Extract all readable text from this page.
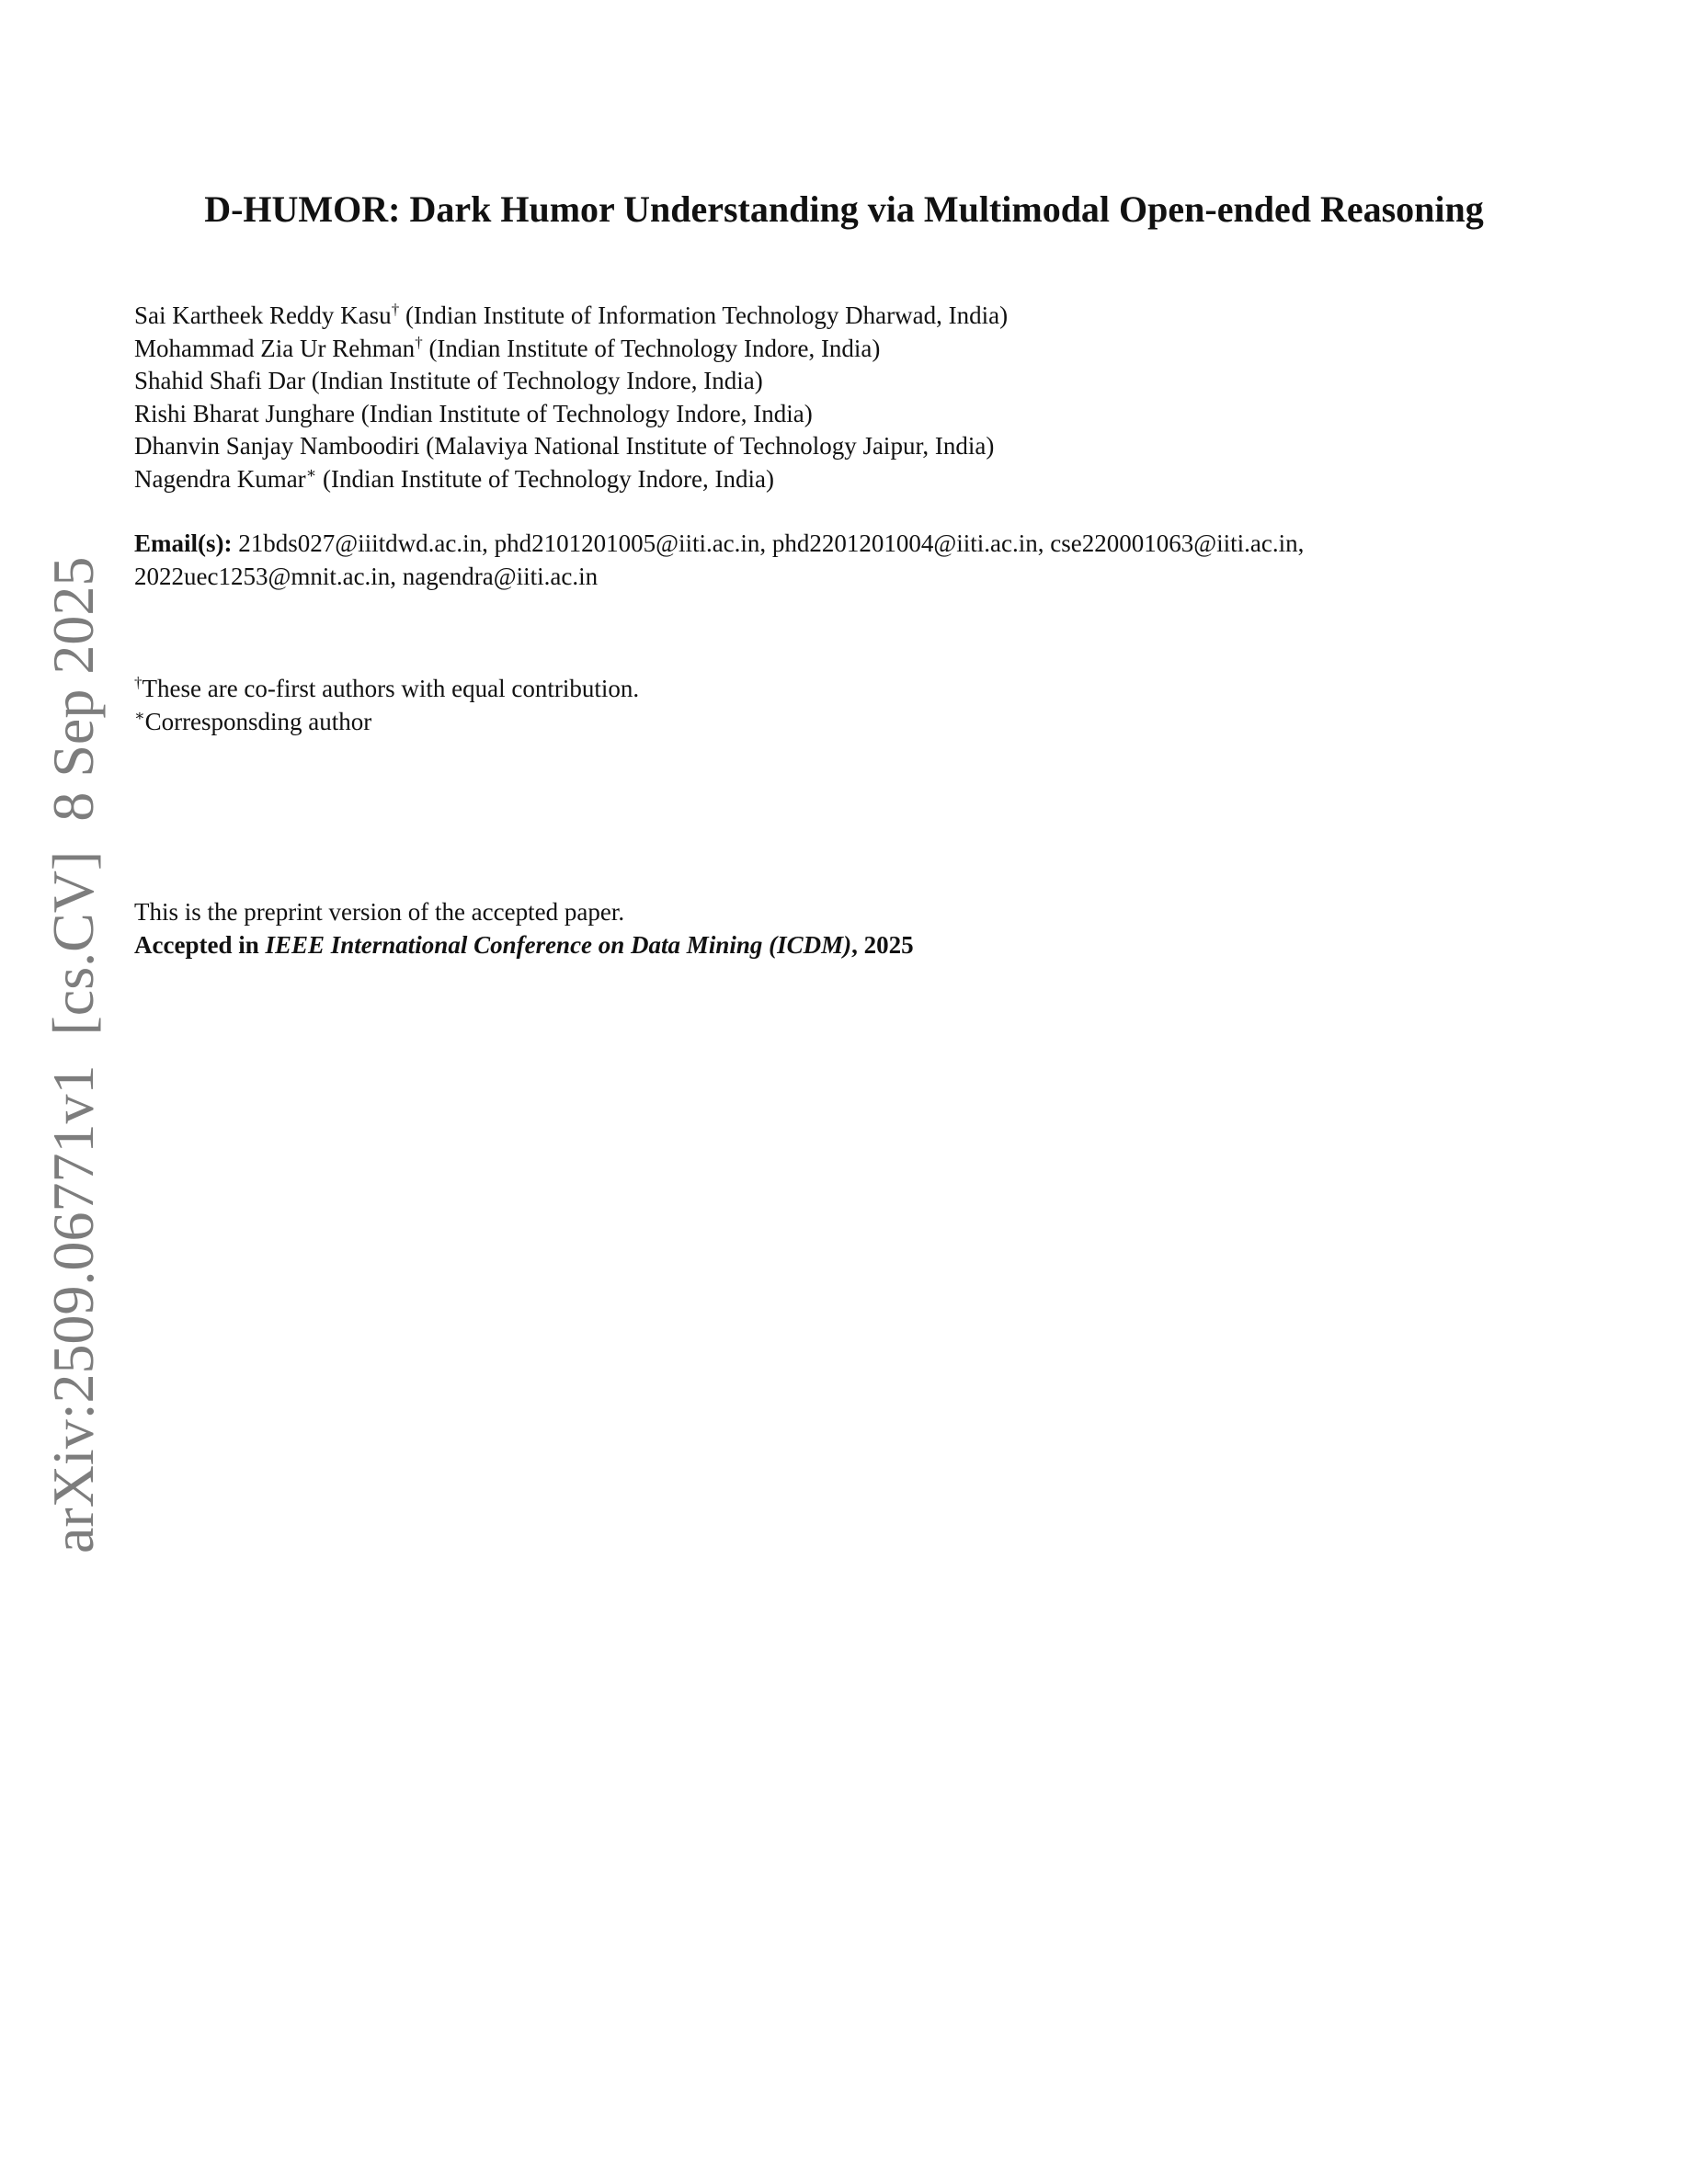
D-HUMOR: Dark Humor Understanding via Multimodal Open-ended Reasoning
Sai Kartheek Reddy Kasu† (Indian Institute of Information Technology Dharwad, India)
Mohammad Zia Ur Rehman† (Indian Institute of Technology Indore, India)
Shahid Shafi Dar (Indian Institute of Technology Indore, India)
Rishi Bharat Junghare (Indian Institute of Technology Indore, India)
Dhanvin Sanjay Namboodiri (Malaviya National Institute of Technology Jaipur, India)
Nagendra Kumar∗ (Indian Institute of Technology Indore, India)
Email(s): 21bds027@iiitdwd.ac.in, phd2101201005@iiti.ac.in, phd2201201004@iiti.ac.in, cse220001063@iiti.ac.in,
2022uec1253@mnit.ac.in, nagendra@iiti.ac.in
†These are co-first authors with equal contribution.
∗Corresponsding author
This is the preprint version of the accepted paper.
Accepted in IEEE International Conference on Data Mining (ICDM), 2025
arXiv:2509.06771v1  [cs.CV]  8 Sep 2025
